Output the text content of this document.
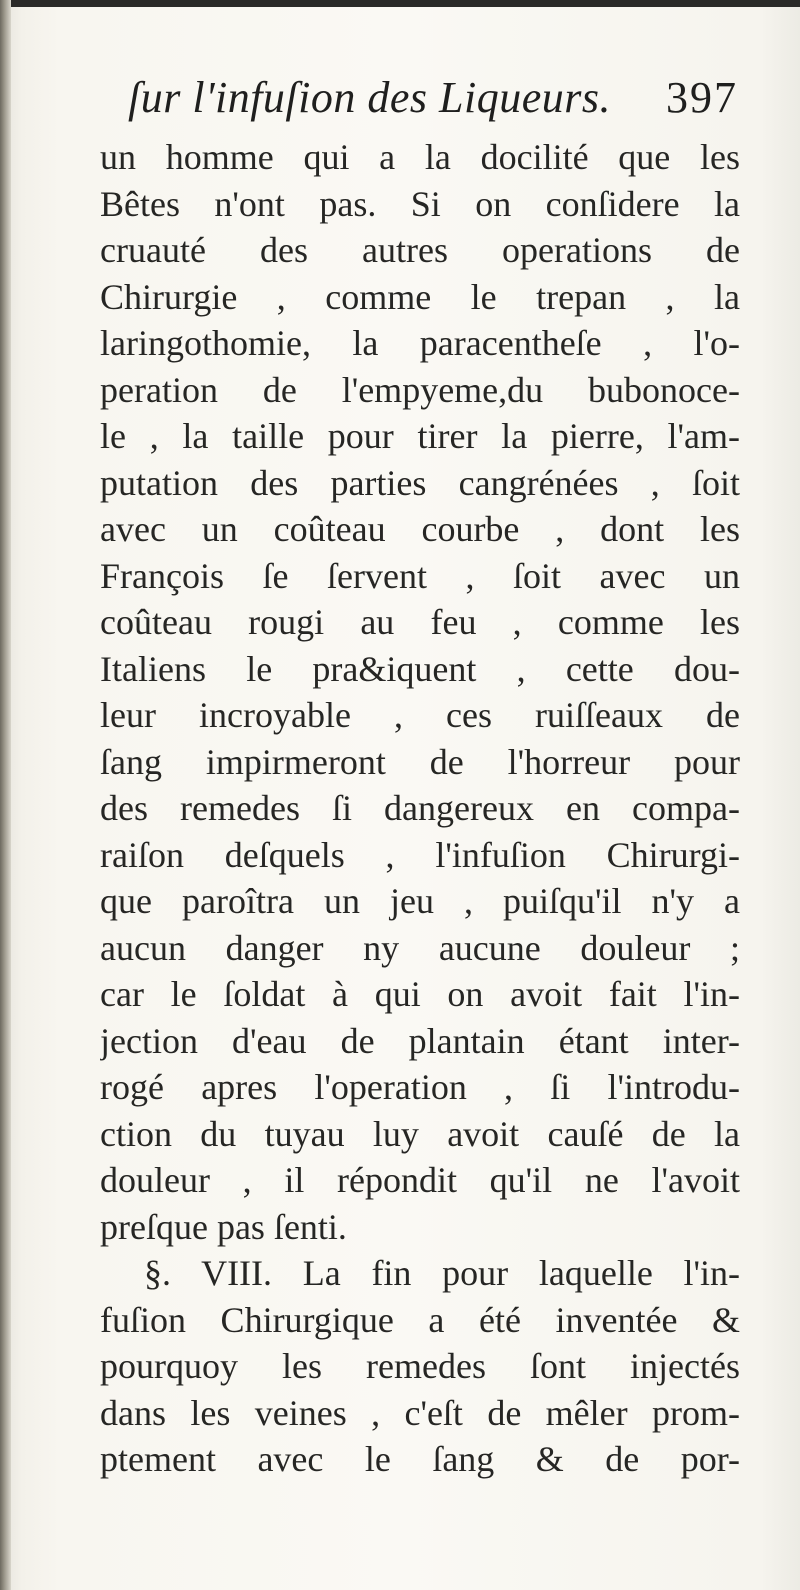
ſur l'infuſion des Liqueurs. 397
un homme qui a la docilité que les
Bêtes n'ont pas. Si on conſidere la
cruauté des autres operations de
Chirurgie , comme le trepan , la
laringothomie, la paracentheſe , l'o-
peration de l'empyeme,du bubonoce-
le , la taille pour tirer la pierre, l'am-
putation des parties cangrénées , ſoit
avec un coûteau courbe , dont les
François ſe ſervent , ſoit avec un
coûteau rougi au feu , comme les
Italiens le pra&iquent , cette dou-
leur incroyable , ces ruiſſeaux de
ſang impirmeront de l'horreur pour
des remedes ſi dangereux en compa-
raiſon deſquels , l'infuſion Chirurgi-
que paroîtra un jeu , puiſqu'il n'y a
aucun danger ny aucune douleur ;
car le ſoldat à qui on avoit fait l'in-
jection d'eau de plantain étant inter-
rogé apres l'operation , ſi l'introdu-
ction du tuyau luy avoit cauſé de la
douleur , il répondit qu'il ne l'avoit
preſque pas ſenti.
§. VIII. La fin pour laquelle l'in-
fuſion Chirurgique a été inventée &
pourquoy les remedes ſont injectés
dans les veines , c'eſt de mêler prom-
ptement avec le ſang & de por-
